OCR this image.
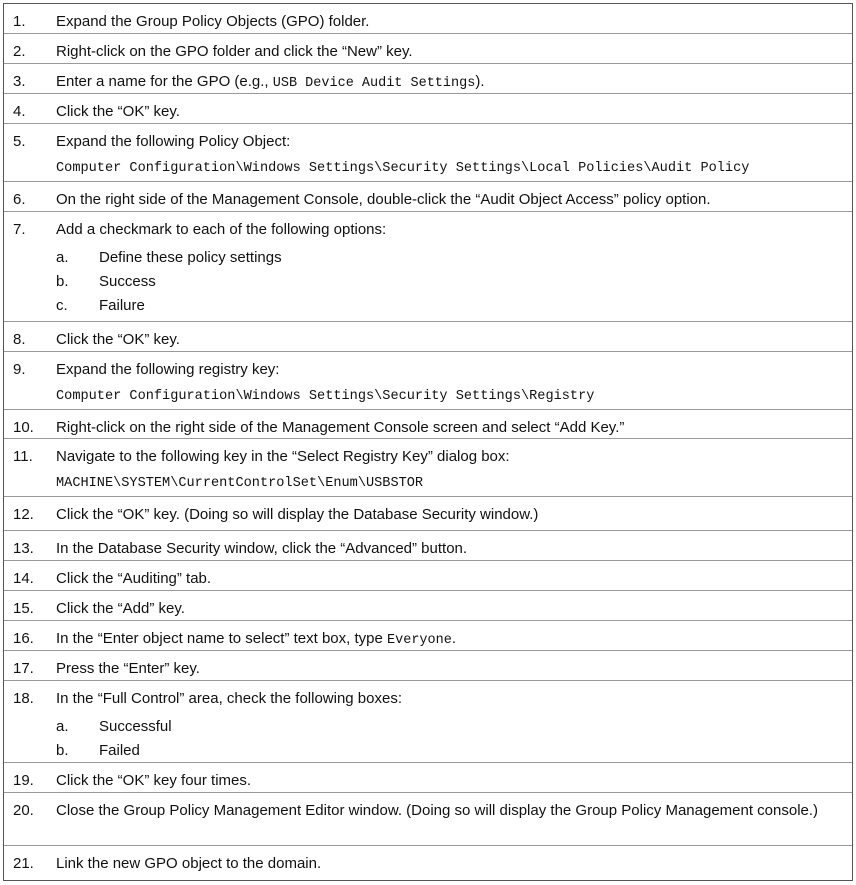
1. Expand the Group Policy Objects (GPO) folder.
2. Right-click on the GPO folder and click the “New” key.
3. Enter a name for the GPO (e.g., USB Device Audit Settings).
4. Click the “OK” key.
5. Expand the following Policy Object:
Computer Configuration\Windows Settings\Security Settings\Local Policies\Audit Policy
6. On the right side of the Management Console, double-click the “Audit Object Access” policy option.
7. Add a checkmark to each of the following options:
a. Define these policy settings
b. Success
c. Failure
8. Click the “OK” key.
9. Expand the following registry key:
Computer Configuration\Windows Settings\Security Settings\Registry
10. Right-click on the right side of the Management Console screen and select “Add Key.”
11. Navigate to the following key in the “Select Registry Key” dialog box:
MACHINE\SYSTEM\CurrentControlSet\Enum\USBSTOR
12. Click the “OK” key. (Doing so will display the Database Security window.)
13. In the Database Security window, click the “Advanced” button.
14. Click the “Auditing” tab.
15. Click the “Add” key.
16. In the “Enter object name to select” text box, type Everyone.
17. Press the “Enter” key.
18. In the “Full Control” area, check the following boxes:
a. Successful
b. Failed
19. Click the “OK” key four times.
20. Close the Group Policy Management Editor window. (Doing so will display the Group Policy Management console.)
21. Link the new GPO object to the domain.
